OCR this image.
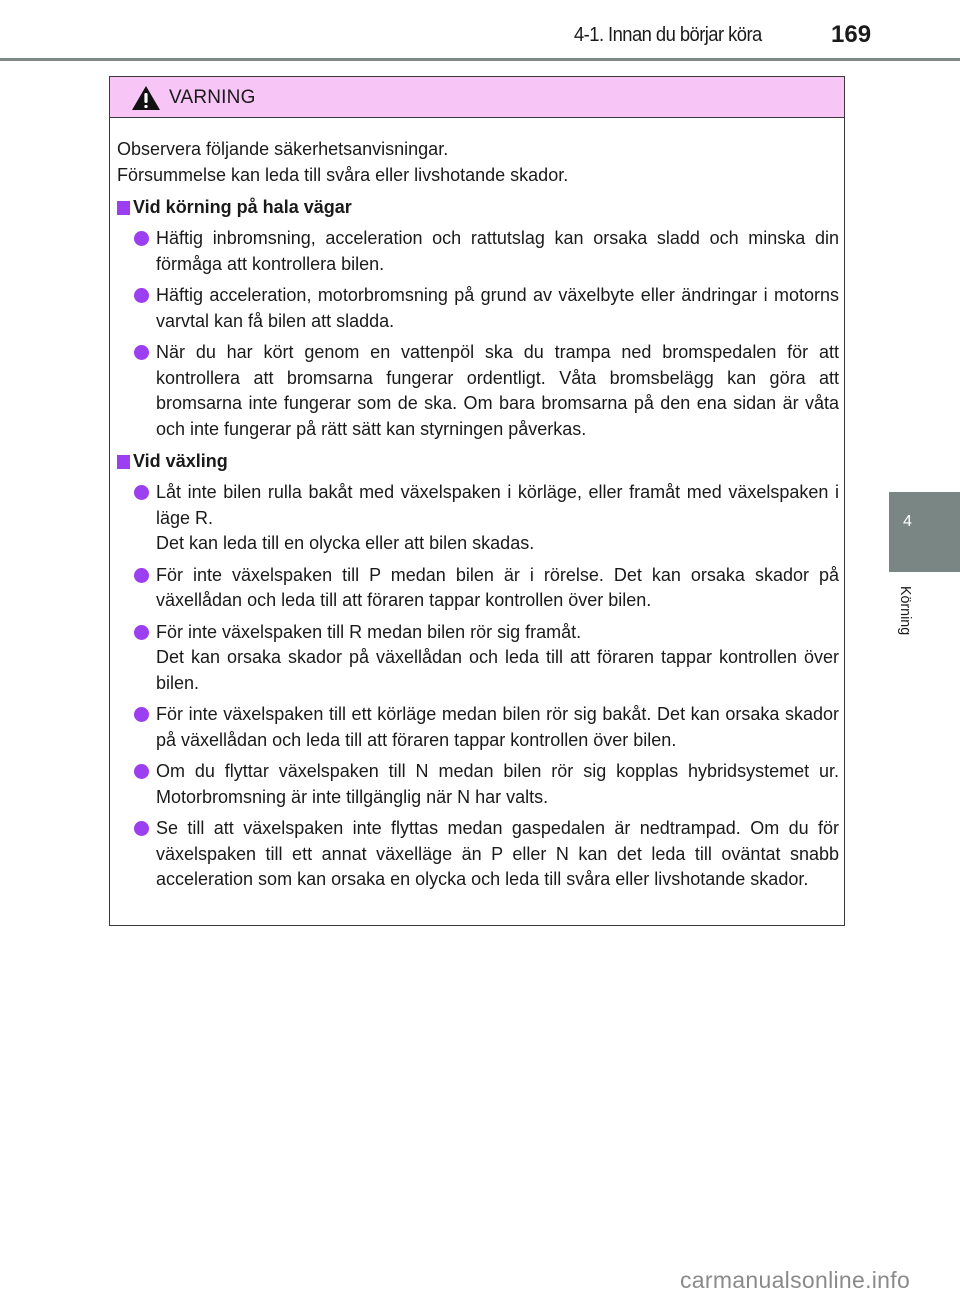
4-1. Innan du börjar köra	169
4
Körning
VARNING

Observera följande säkerhetsanvisningar.

Försummelse kan leda till svåra eller livshotande skador.

Vid körning på hala vägar

Häftig inbromsning, acceleration och rattutslag kan orsaka sladd och minska din förmåga att kontrollera bilen.

Häftig acceleration, motorbromsning på grund av växelbyte eller ändringar i motorns varvtal kan få bilen att sladda.

När du har kört genom en vattenpöl ska du trampa ned bromspedalen för att kontrollera att bromsarna fungerar ordentligt. Våta bromsbelägg kan göra att bromsarna inte fungerar som de ska. Om bara bromsarna på den ena sidan är våta och inte fungerar på rätt sätt kan styrningen påverkas.

Vid växling

Låt inte bilen rulla bakåt med växelspaken i körläge, eller framåt med växelspaken i läge R.

Det kan leda till en olycka eller att bilen skadas.

För inte växelspaken till P medan bilen är i rörelse. Det kan orsaka skador på växellådan och leda till att föraren tappar kontrollen över bilen.

För inte växelspaken till R medan bilen rör sig framåt.

Det kan orsaka skador på växellådan och leda till att föraren tappar kontrollen över bilen.

För inte växelspaken till ett körläge medan bilen rör sig bakåt. Det kan orsaka skador på växellådan och leda till att föraren tappar kontrollen över bilen.

Om du flyttar växelspaken till N medan bilen rör sig kopplas hybridsystemet ur. Motorbromsning är inte tillgänglig när N har valts.

Se till att växelspaken inte flyttas medan gaspedalen är nedtrampad. Om du för växelspaken till ett annat växelläge än P eller N kan det leda till oväntat snabb acceleration som kan orsaka en olycka och leda till svåra eller livshotande skador.

carmanualsonline.info
